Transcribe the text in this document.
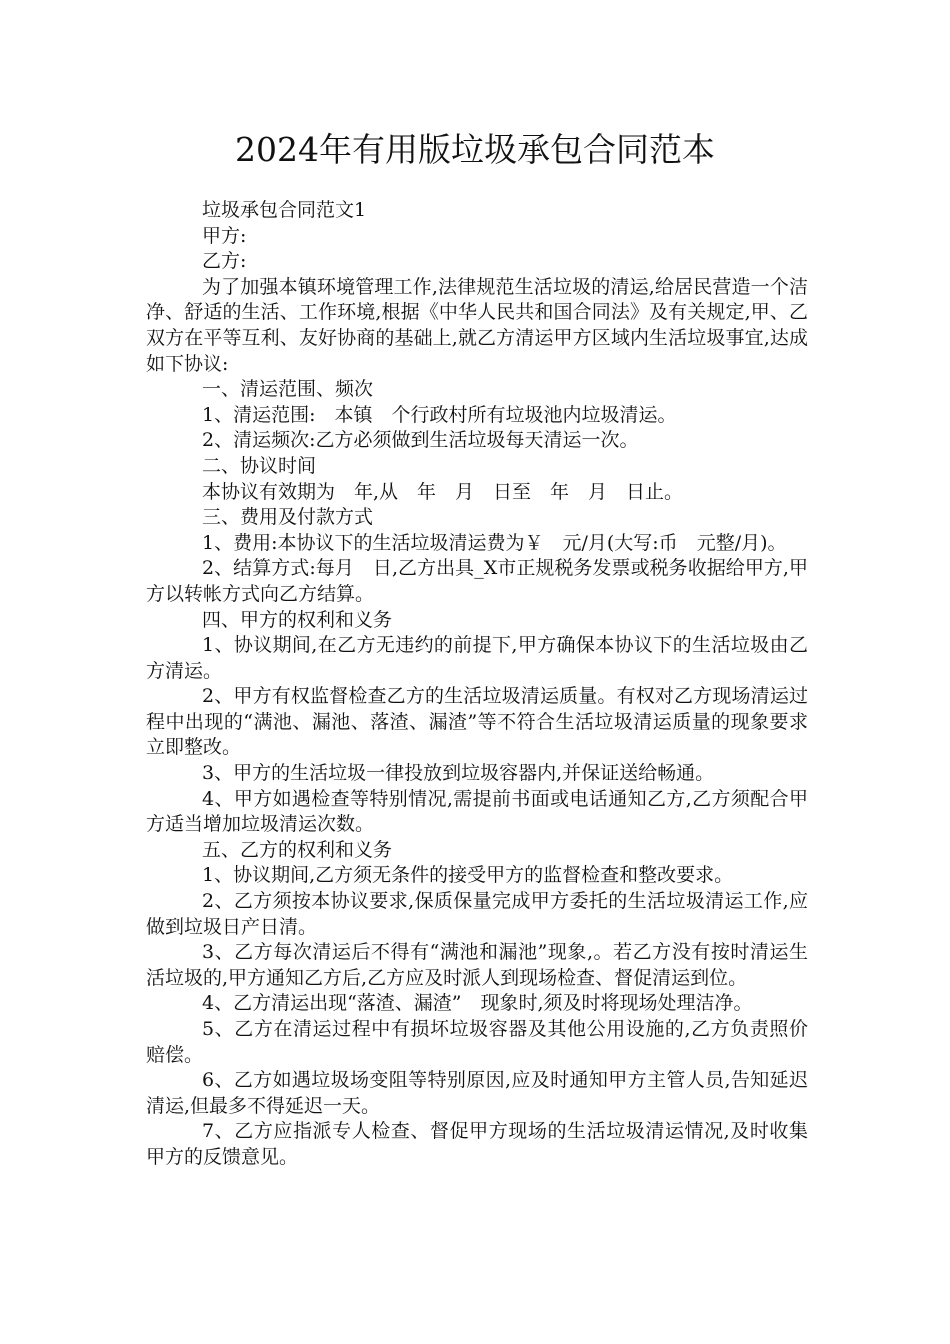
2024年有用版垃圾承包合同范本

垃圾承包合同范文1

甲方:

乙方:

为了加强本镇环境管理工作,法律规范生活垃圾的清运,给居民营造一个洁净、舒适的生活、工作环境,根据《中华人民共和国合同法》及有关规定,甲、乙双方在平等互利、友好协商的基础上,就乙方清运甲方区域内生活垃圾事宜,达成如下协议:

一、清运范围、频次

1、清运范围:　本镇　个行政村所有垃圾池内垃圾清运。

2、清运频次:乙方必须做到生活垃圾每天清运一次。

二、协议时间

本协议有效期为　年,从　年　月　日至　年　月　日止。

三、费用及付款方式

1、费用:本协议下的生活垃圾清运费为￥　元/月(大写:币　元整/月)。

2、结算方式:每月　日,乙方出具_X市正规税务发票或税务收据给甲方,甲方以转帐方式向乙方结算。

四、甲方的权利和义务

1、协议期间,在乙方无违约的前提下,甲方确保本协议下的生活垃圾由乙方清运。

2、甲方有权监督检查乙方的生活垃圾清运质量。有权对乙方现场清运过程中出现的“满池、漏池、落渣、漏渣”等不符合生活垃圾清运质量的现象要求立即整改。

3、甲方的生活垃圾一律投放到垃圾容器内,并保证送给畅通。

4、甲方如遇检查等特别情况,需提前书面或电话通知乙方,乙方须配合甲方适当增加垃圾清运次数。

五、乙方的权利和义务

1、协议期间,乙方须无条件的接受甲方的监督检查和整改要求。

2、乙方须按本协议要求,保质保量完成甲方委托的生活垃圾清运工作,应做到垃圾日产日清。

3、乙方每次清运后不得有“满池和漏池”现象,。若乙方没有按时清运生活垃圾的,甲方通知乙方后,乙方应及时派人到现场检查、督促清运到位。

4、乙方清运出现“落渣、漏渣”　现象时,须及时将现场处理洁净。

5、乙方在清运过程中有损坏垃圾容器及其他公用设施的,乙方负责照价赔偿。

6、乙方如遇垃圾场变阻等特别原因,应及时通知甲方主管人员,告知延迟清运,但最多不得延迟一天。

7、乙方应指派专人检查、督促甲方现场的生活垃圾清运情况,及时收集甲方的反馈意见。
